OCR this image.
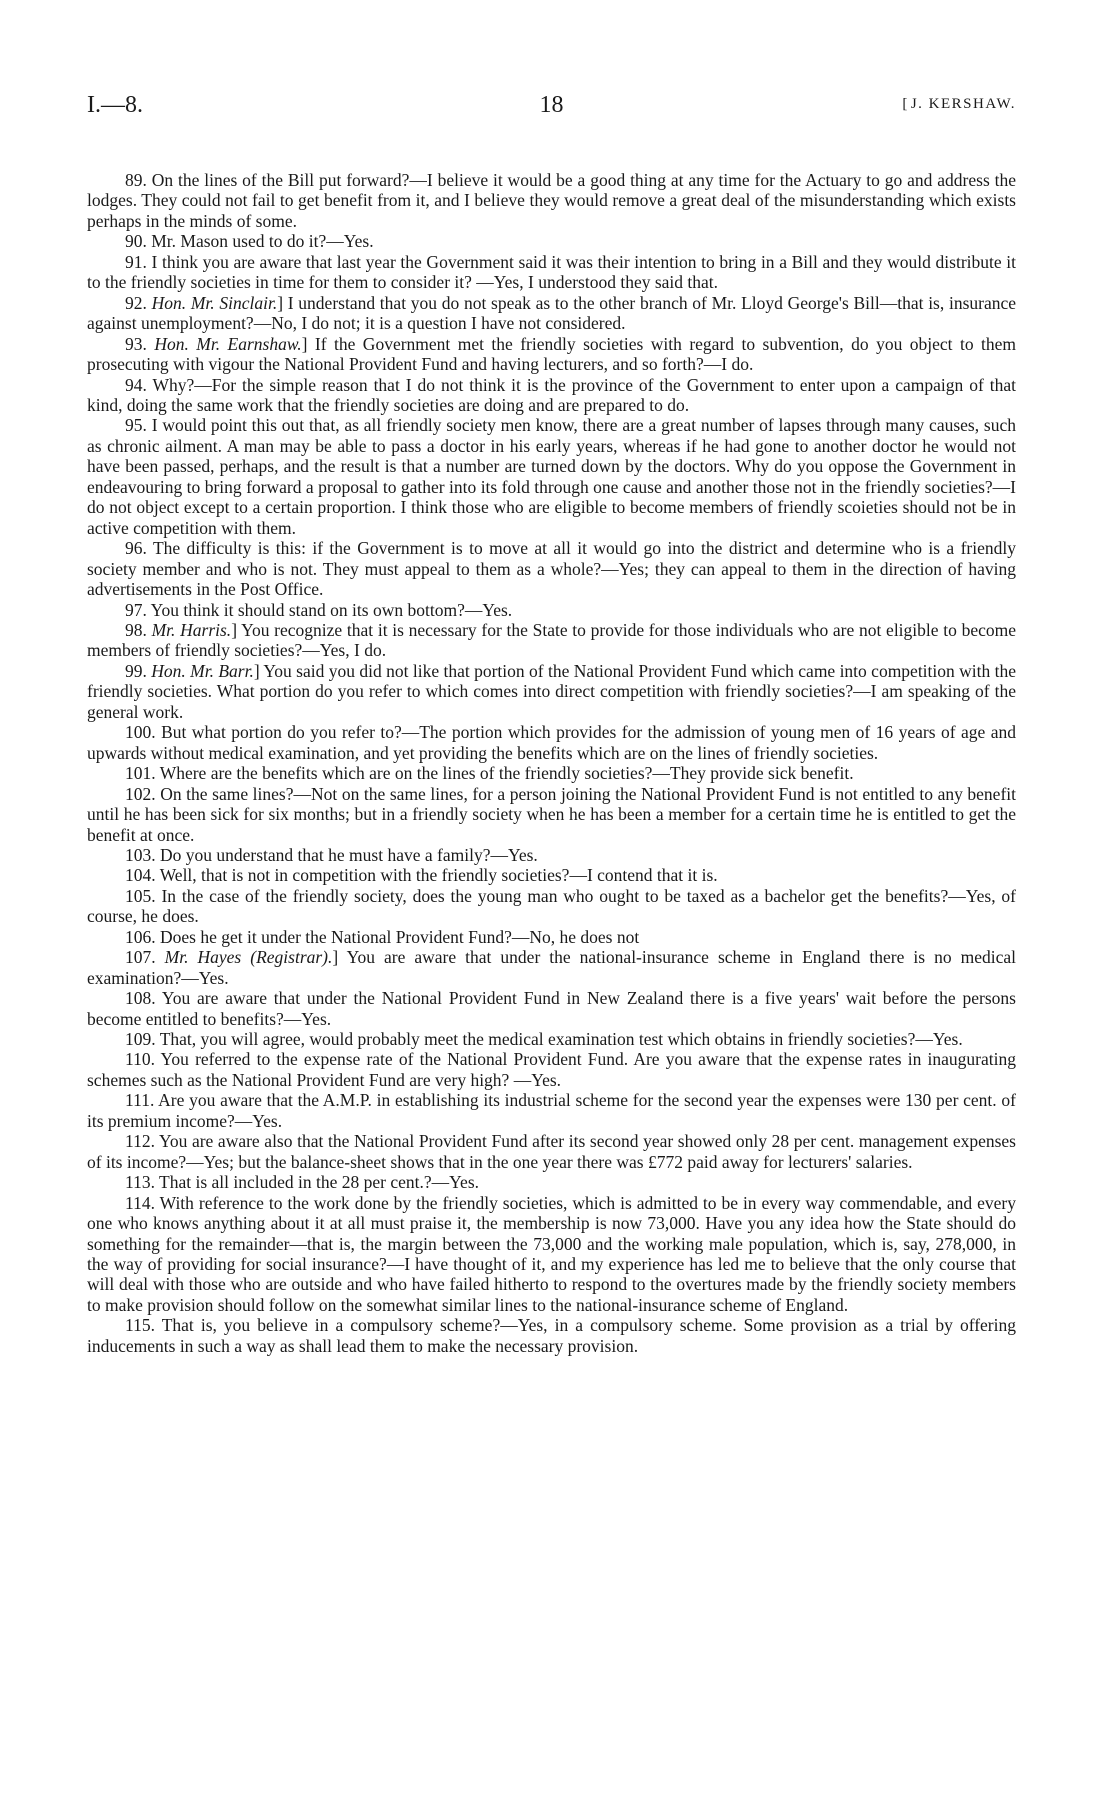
I.—8.	18
[	J. KERSHAW.

89. On the lines of the Bill put forward?—I believe it would be a good thing at any time for the Actuary to go and address the lodges. They could not fail to get benefit from it, and I believe they would remove a great deal of the misunderstanding which exists perhaps in the minds of some.

90. Mr. Mason used to do it?—Yes.

91. I think you are aware that last year the Government said it was their intention to bring in a Bill and they would distribute it to the friendly societies in time for them to consider it? —Yes, I understood they said that.

92. Hon. Mr. Sinclair.] I understand that you do not speak as to the other branch of Mr. Lloyd George's Bill—that is, insurance against unemployment?—No, I do not; it is a question I have not considered.

93. Hon. Mr. Earnshaw.] If the Government met the friendly societies with regard to subvention, do you object to them prosecuting with vigour the National Provident Fund and having lecturers, and so forth?—I do.

94. Why?—For the simple reason that I do not think it is the province of the Government to enter upon a campaign of that kind, doing the same work that the friendly societies are doing and are prepared to do.

95. I would point this out that, as all friendly society men know, there are a great number of lapses through many causes, such as chronic ailment. A man may be able to pass a doctor in his early years, whereas if he had gone to another doctor he would not have been passed, perhaps, and the result is that a number are turned down by the doctors. Why do you oppose the Government in endeavouring to bring forward a proposal to gather into its fold through one cause and another those not in the friendly societies?—I do not object except to a certain proportion. I think those who are eligible to become members of friendly scoieties should not be in active competition with them.

96. The difficulty is this: if the Government is to move at all it would go into the district and determine who is a friendly society member and who is not. They must appeal to them as a whole?—Yes; they can appeal to them in the direction of having advertisements in the Post Office.

97. You think it should stand on its own bottom?—Yes.

98. Mr. Harris.] You recognize that it is necessary for the State to provide for those individuals who are not eligible to become members of friendly societies?—Yes, I do.

99. Hon. Mr. Barr.] You said you did not like that portion of the National Provident Fund which came into competition with the friendly societies. What portion do you refer to which comes into direct competition with friendly societies?—I am speaking of the general work.

100. But what portion do you refer to?—The portion which provides for the admission of young men of 16 years of age and upwards without medical examination, and yet providing the benefits which are on the lines of friendly societies.

101. Where are the benefits which are on the lines of the friendly societies?—They provide sick benefit.

102. On the same lines?—Not on the same lines, for a person joining the National Provident Fund is not entitled to any benefit until he has been sick for six months; but in a friendly society when he has been a member for a certain time he is entitled to get the benefit at once.

103. Do you understand that he must have a family?—Yes.

104. Well, that is not in competition with the friendly societies?—I contend that it is.

105. In the case of the friendly society, does the young man who ought to be taxed as a bachelor get the benefits?—Yes, of course, he does.

106. Does he get it under the National Provident Fund?—No, he does not

107. Mr. Hayes (Registrar).] You are aware that under the national-insurance scheme in England there is no medical examination?—Yes.

108. You are aware that under the National Provident Fund in New Zealand there is a five years' wait before the persons become entitled to benefits?—Yes.

109. That, you will agree, would probably meet the medical examination test which obtains in friendly societies?—Yes.

110. You referred to the expense rate of the National Provident Fund. Are you aware that the expense rates in inaugurating schemes such as the National Provident Fund are very high? —Yes.

111. Are you aware that the A.M.P. in establishing its industrial scheme for the second year the expenses were 130 per cent. of its premium income?—Yes.

112. You are aware also that the National Provident Fund after its second year showed only 28 per cent. management expenses of its income?—Yes; but the balance-sheet shows that in the one year there was £772 paid away for lecturers' salaries.

113. That is all included in the 28 per cent.?—Yes.

114. With reference to the work done by the friendly societies, which is admitted to be in every way commendable, and every one who knows anything about it at all must praise it, the membership is now 73,000. Have you any idea how the State should do something for the remainder—that is, the margin between the 73,000 and the working male population, which is, say, 278,000, in the way of providing for social insurance?—I have thought of it, and my experience has led me to believe that the only course that will deal with those who are outside and who have failed hitherto to respond to the overtures made by the friendly society members to make provision should follow on the somewhat similar lines to the national-insurance scheme of England.

115. That is, you believe in a compulsory scheme?—Yes, in a compulsory scheme. Some provision as a trial by offering inducements in such a way as shall lead them to make the necessary provision.
